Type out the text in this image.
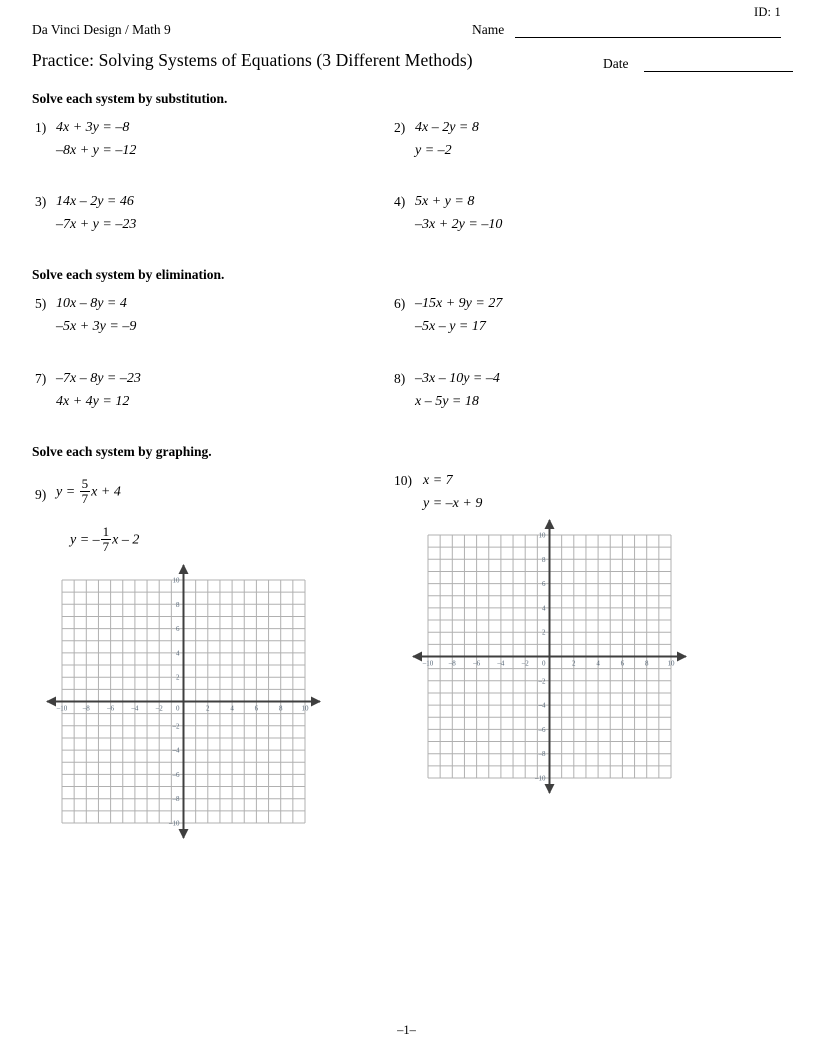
ID: 1
Da Vinci Design / Math 9	Name
Practice: Solving Systems of Equations (3 Different Methods)	Date
Solve each system by substitution.
1) 4x + 3y = –8
–8x + y = –12
2) 4x – 2y = 8
y = –2
3) 14x – 2y = 46
–7x + y = –23
4) 5x + y = 8
–3x + 2y = –10
Solve each system by elimination.
5) 10x – 8y = 4
–5x + 3y = –9
6) –15x + 9y = 27
–5x – y = 17
7) –7x – 8y = –23
4x + 4y = 12
8) –3x – 10y = –4
x – 5y = 18
Solve each system by graphing.
9) $y = \frac{5}{7}$ x + 4
y = – $\frac{1}{7}$ x – 2
10) x = 7
y = –x + 9
–10 –8 –6 –4 –2	2	4	6	8	10
–10
–8
–6
–4
–2
2
4
6
8
10
0
–10 –8 –6 –4 –2	2	4	6	8	10
–10
–8
–6
–4
–2
2
4
6
8
10
0
–1–
